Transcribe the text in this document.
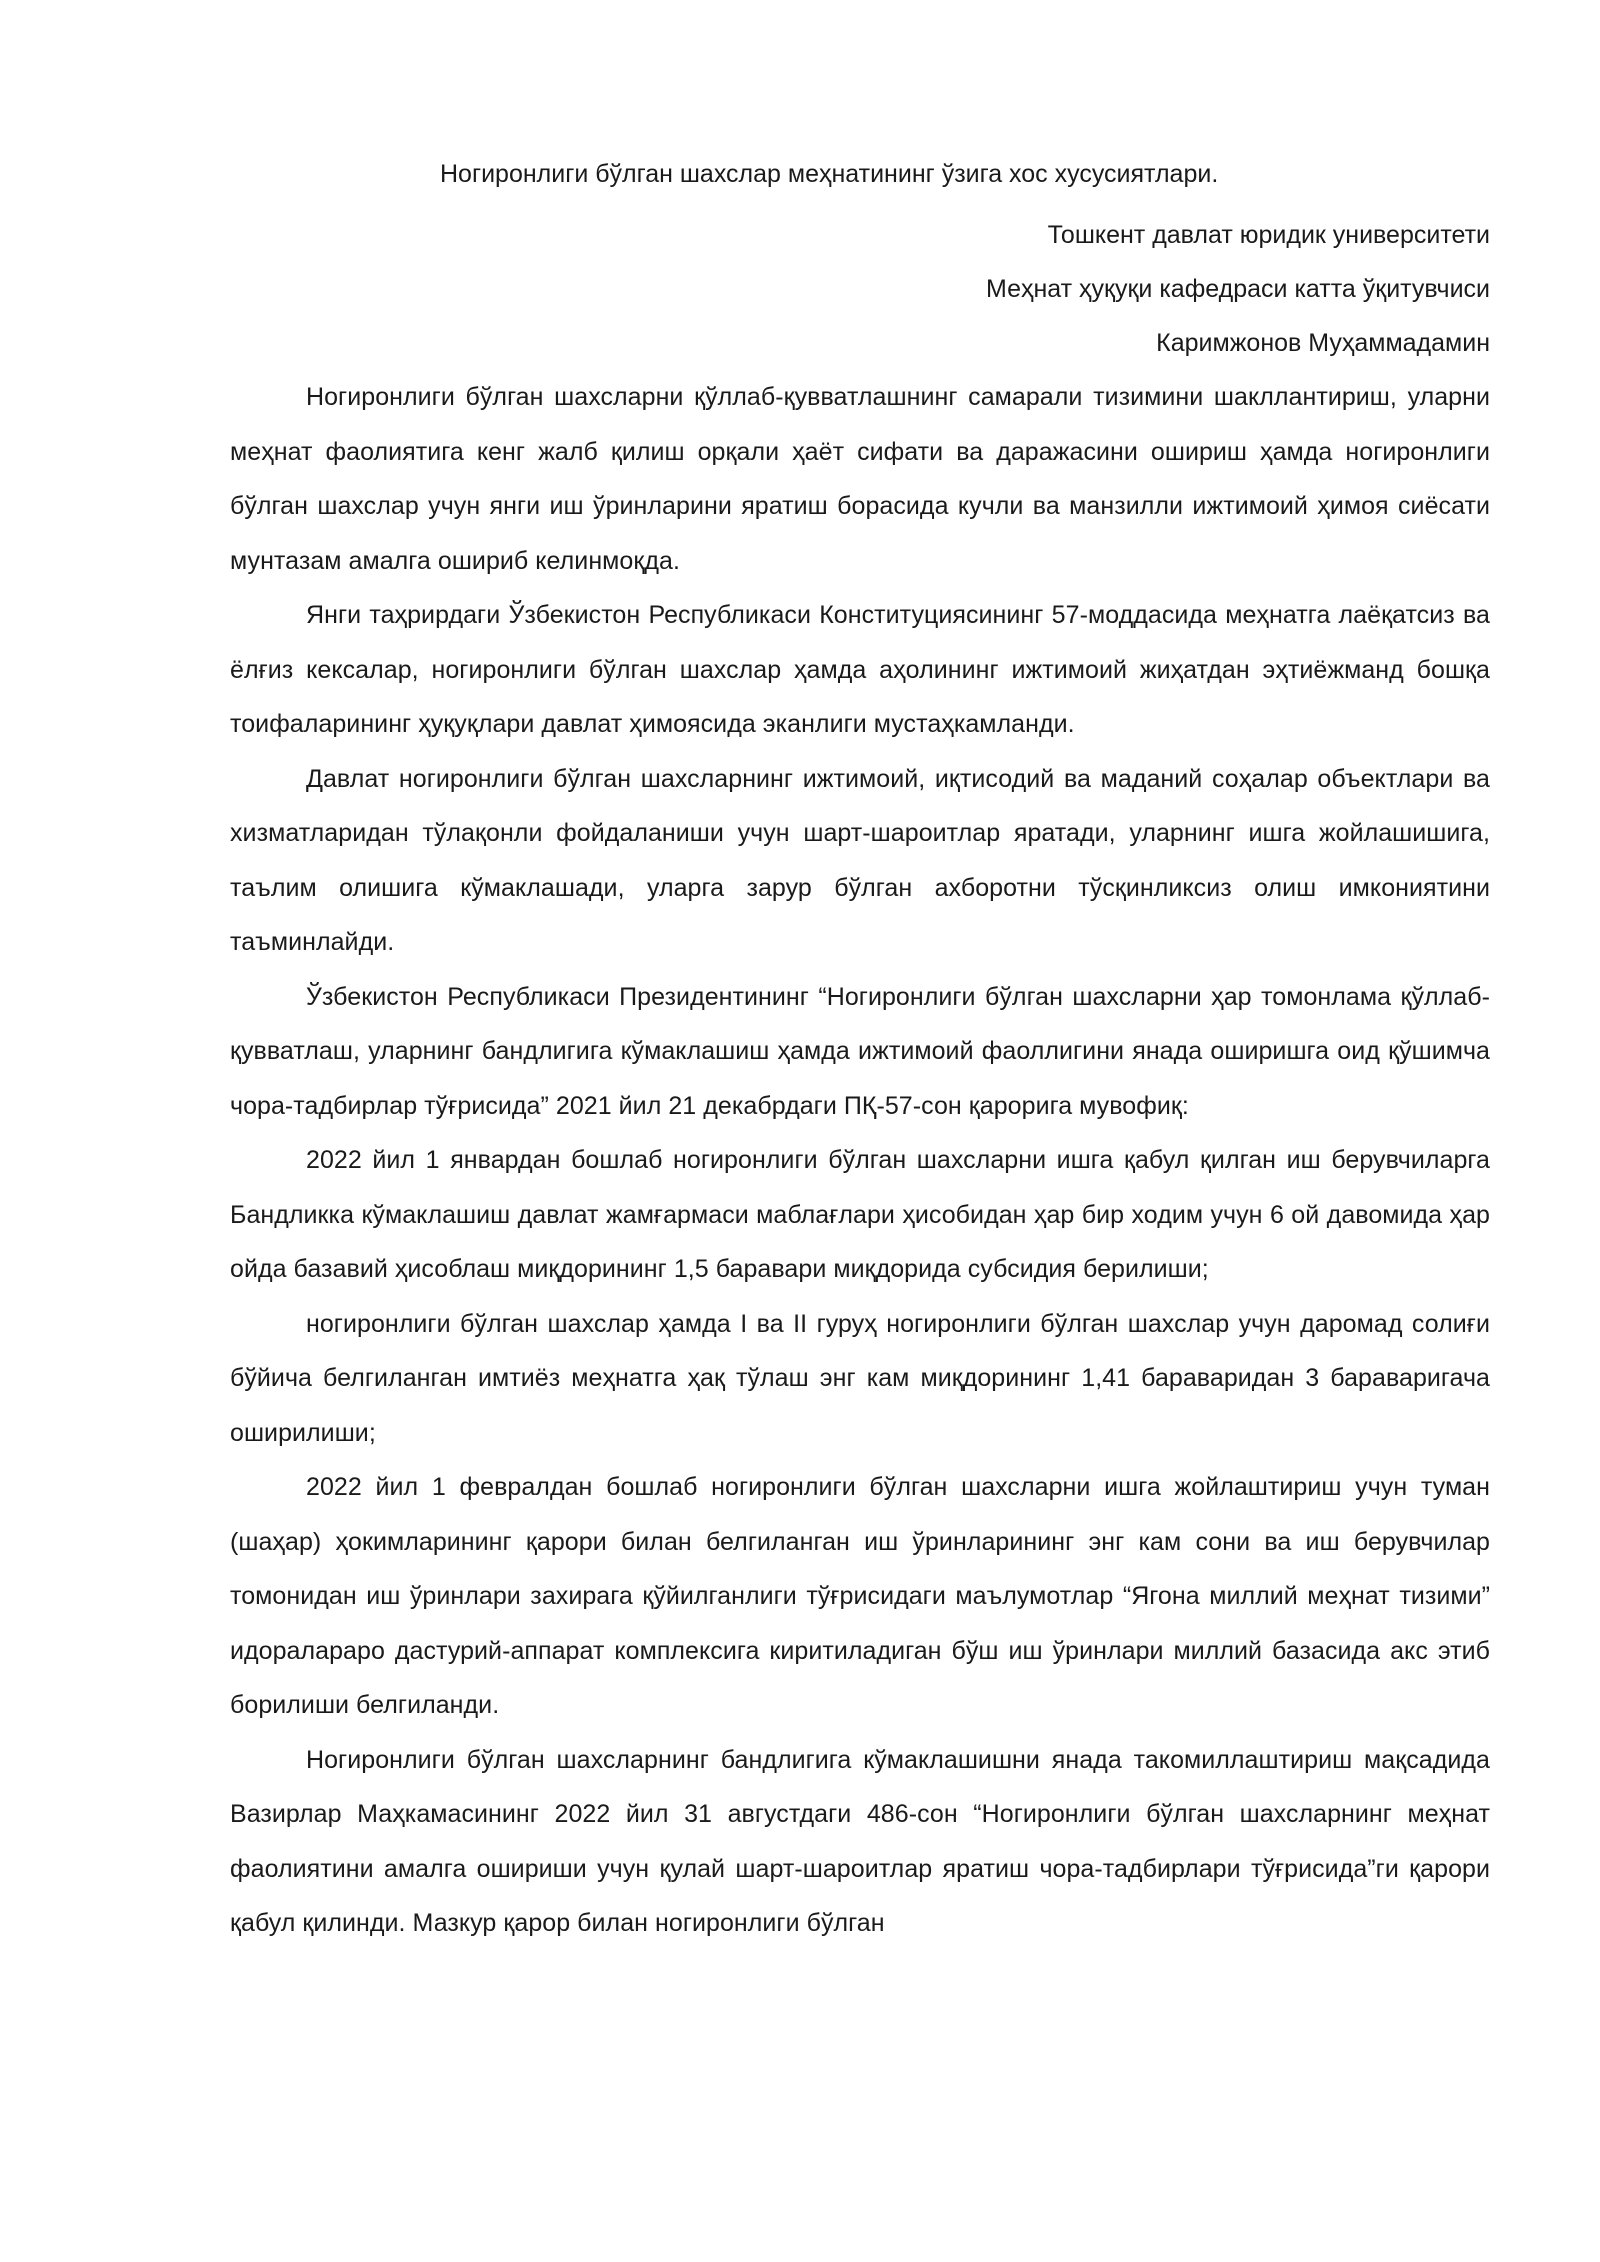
Ногиронлиги бўлган шахслар меҳнатининг ўзига хос хусусиятлари.

Тошкент давлат юридик университети

Меҳнат ҳуқуқи кафедраси катта ўқитувчиси

Каримжонов Муҳаммадамин

Ногиронлиги бўлган шахсларни қўллаб-қувватлашнинг самарали тизимини шакллантириш, уларни меҳнат фаолиятига кенг жалб қилиш орқали ҳаёт сифати ва даражасини ошириш ҳамда ногиронлиги бўлган шахслар учун янги иш ўринларини яратиш борасида кучли ва манзилли ижтимоий ҳимоя сиёсати мунтазам амалга ошириб келинмоқда.

Янги таҳрирдаги Ўзбекистон Республикаси Конституциясининг 57-моддасида меҳнатга лаёқатсиз ва ёлғиз кексалар, ногиронлиги бўлган шахслар ҳамда аҳолининг ижтимоий жиҳатдан эҳтиёжманд бошқа тоифаларининг ҳуқуқлари давлат ҳимоясида эканлиги мустаҳкамланди.

Давлат ногиронлиги бўлган шахсларнинг ижтимоий, иқтисодий ва маданий соҳалар объектлари ва хизматларидан тўлақонли фойдаланиши учун шарт-шароитлар яратади, уларнинг ишга жойлашишига, таълим олишига кўмаклашади, уларга зарур бўлган ахборотни тўсқинликсиз олиш имкониятини таъминлайди.

Ўзбекистон Республикаси Президентининг “Ногиронлиги бўлган шахсларни ҳар томонлама қўллаб-қувватлаш, уларнинг бандлигига кўмаклашиш ҳамда ижтимоий фаоллигини янада оширишга оид қўшимча чора-тадбирлар тўғрисида” 2021 йил 21 декабрдаги ПҚ-57-сон қарорига мувофиқ:

2022 йил 1 январдан бошлаб ногиронлиги бўлган шахсларни ишга қабул қилган иш берувчиларга Бандликка кўмаклашиш давлат жамғармаси маблағлари ҳисобидан ҳар бир ходим учун 6 ой давомида ҳар ойда базавий ҳисоблаш миқдорининг 1,5 баравари миқдорида субсидия берилиши;

ногиронлиги бўлган шахслар ҳамда I ва II гуруҳ ногиронлиги бўлган шахслар учун даромад солиғи бўйича белгиланган имтиёз меҳнатга ҳақ тўлаш энг кам миқдорининг 1,41 бараваридан 3 бараваригача оширилиши;

2022 йил 1 февралдан бошлаб ногиронлиги бўлган шахсларни ишга жойлаштириш учун туман (шаҳар) ҳокимларининг қарори билан белгиланган иш ўринларининг энг кам сони ва иш берувчилар томонидан иш ўринлари захирага қўйилганлиги тўғрисидаги маълумотлар “Ягона миллий меҳнат тизими” идоралараро дастурий-аппарат комплексига киритиладиган бўш иш ўринлари миллий базасида акс этиб борилиши белгиланди.

Ногиронлиги бўлган шахсларнинг бандлигига кўмаклашишни янада такомиллаштириш мақсадида Вазирлар Маҳкамасининг 2022 йил 31 августдаги 486-сон “Ногиронлиги бўлган шахсларнинг меҳнат фаолиятини амалга ошириши учун қулай шарт-шароитлар яратиш чора-тадбирлари тўғрисида”ги қарори қабул қилинди. Мазкур қарор билан ногиронлиги бўлган
